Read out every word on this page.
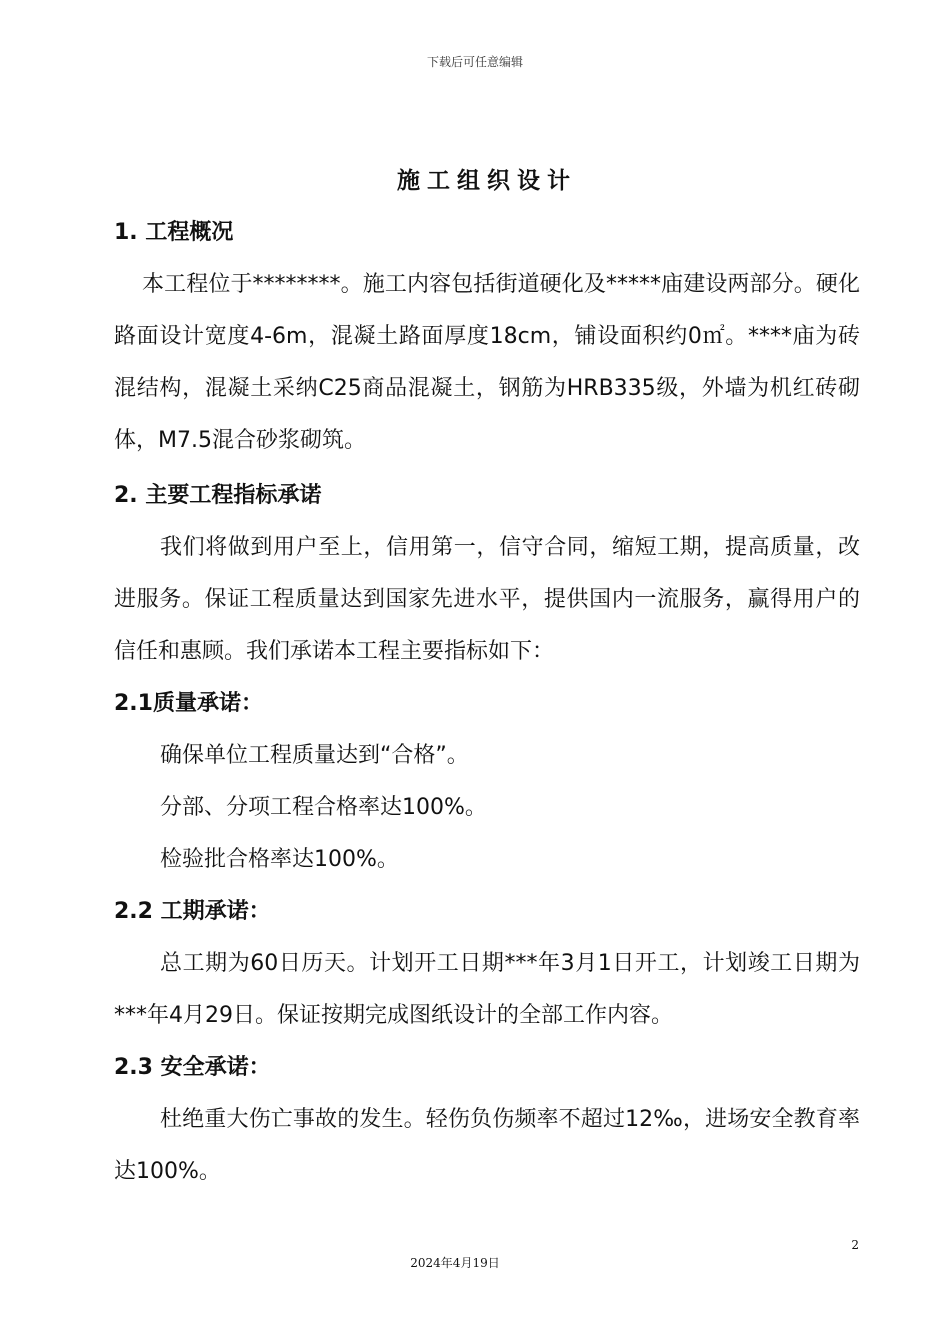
下载后可任意编辑
施工组织设计
1. 工程概况

本工程位于********。施工内容包括街道硬化及*****庙建设两部分。硬化路面设计宽度4-6m，混凝土路面厚度18cm，铺设面积约0㎡。****庙为砖混结构，混凝土采纳C25商品混凝土，钢筋为HRB335级，外墙为机红砖砌体，M7.5混合砂浆砌筑。

2. 主要工程指标承诺

我们将做到用户至上，信用第一，信守合同，缩短工期，提高质量，改进服务。保证工程质量达到国家先进水平，提供国内一流服务，赢得用户的信任和惠顾。我们承诺本工程主要指标如下：

2.1质量承诺：

确保单位工程质量达到“合格”。

分部、分项工程合格率达100%。

检验批合格率达100%。

2.2 工期承诺：

总工期为60日历天。计划开工日期***年3月1日开工，计划竣工日期为***年4月29日。保证按期完成图纸设计的全部工作内容。

2.3 安全承诺：

杜绝重大伤亡事故的发生。轻伤负伤频率不超过12‰，进场安全教育率达100%。

2
2024年4月19日
